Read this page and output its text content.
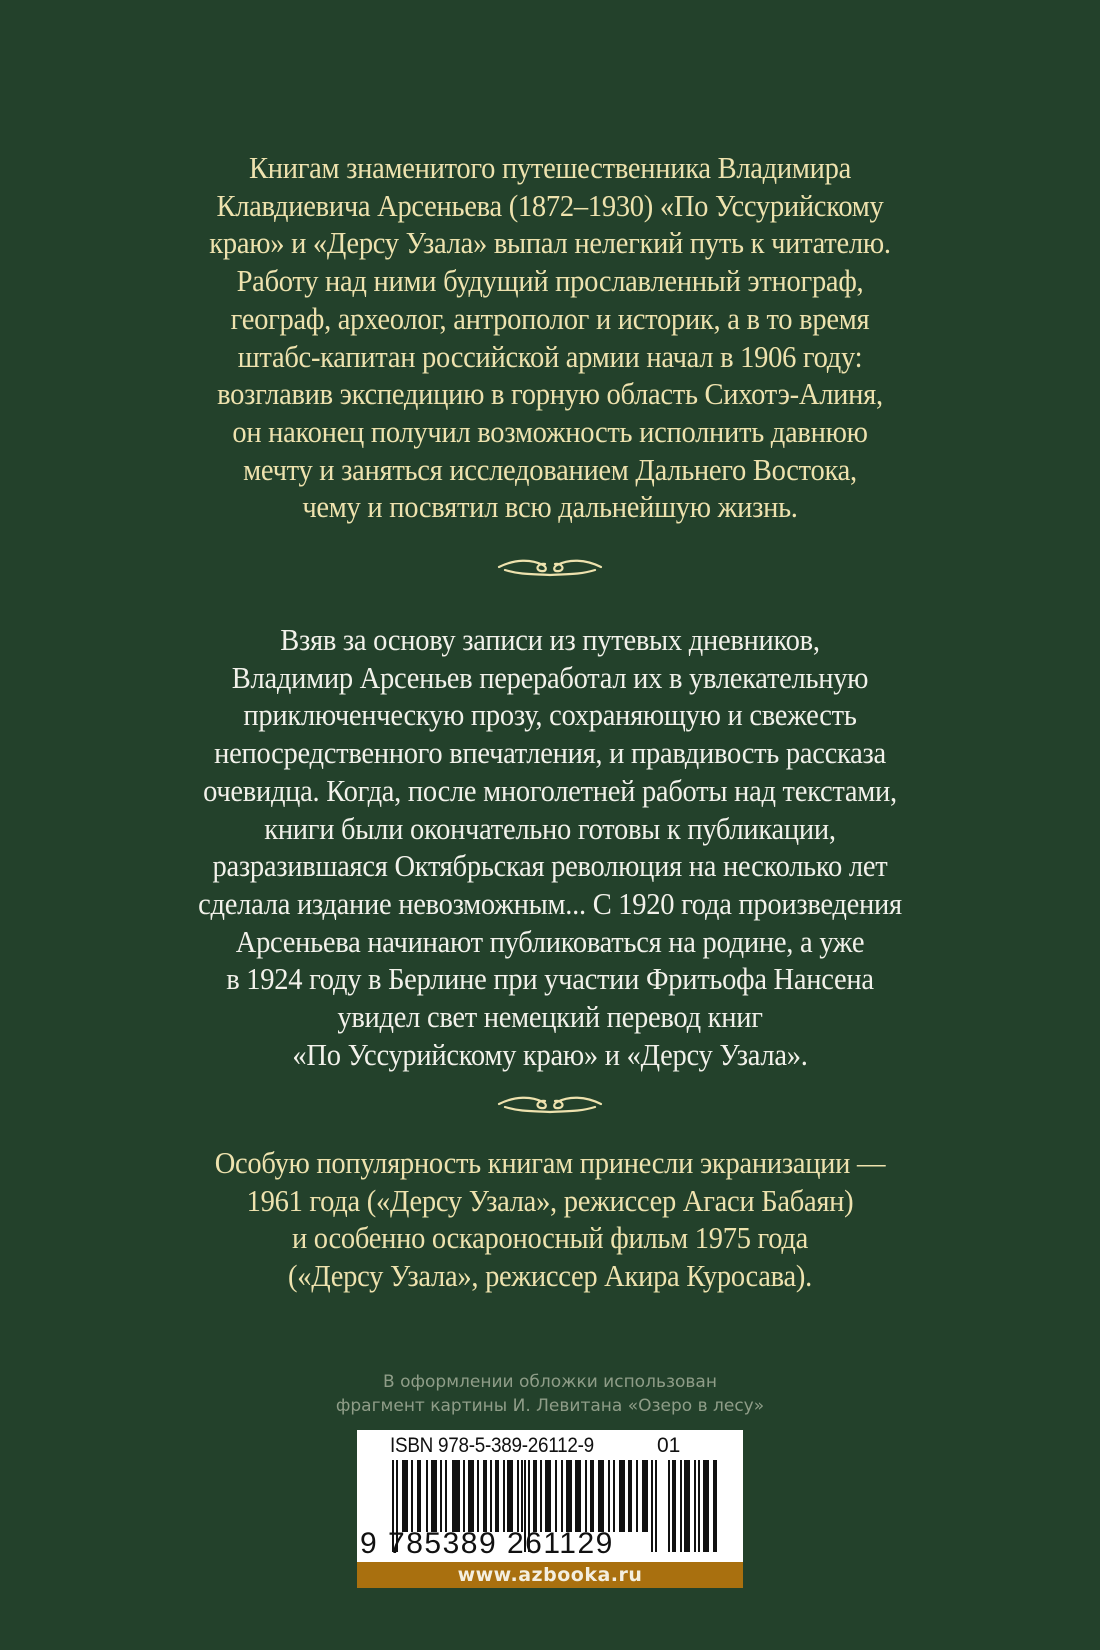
Книгам знаменитого путешественника Владимира
Клавдиевича Арсеньева (1872–1930) «По Уссурийскому
краю» и «Дерсу Узала» выпал нелегкий путь к читателю.
Работу над ними будущий прославленный этнограф,
географ, археолог, антрополог и историк, а в то время
штабс-капитан российской армии начал в 1906 году:
возглавив экспедицию в горную область Сихотэ-Алиня,
он наконец получил возможность исполнить давнюю
мечту и заняться исследованием Дальнего Востока,
чему и посвятил всю дальнейшую жизнь.
Взяв за основу записи из путевых дневников,
Владимир Арсеньев переработал их в увлекательную
приключенческую прозу, сохраняющую и свежесть
непосредственного впечатления, и правдивость рассказа
очевидца. Когда, после многолетней работы над текстами,
книги были окончательно готовы к публикации,
разразившаяся Октябрьская революция на несколько лет
сделала издание невозможным... С 1920 года произведения
Арсеньева начинают публиковаться на родине, а уже
в 1924 году в Берлине при участии Фритьофа Нансена
увидел свет немецкий перевод книг
«По Уссурийскому краю» и «Дерсу Узала».
Особую популярность книгам принесли экранизации —
1961 года («Дерсу Узала», режиссер Агаси Бабаян)
и особенно оскароносный фильм 1975 года
(«Дерсу Узала», режиссер Акира Куросава).
В оформлении обложки использован
фрагмент картины И. Левитана «Озеро в лесу»
ISBN 978-5-389-26112-9	01
9 785389 261129
www.azbooka.ru
